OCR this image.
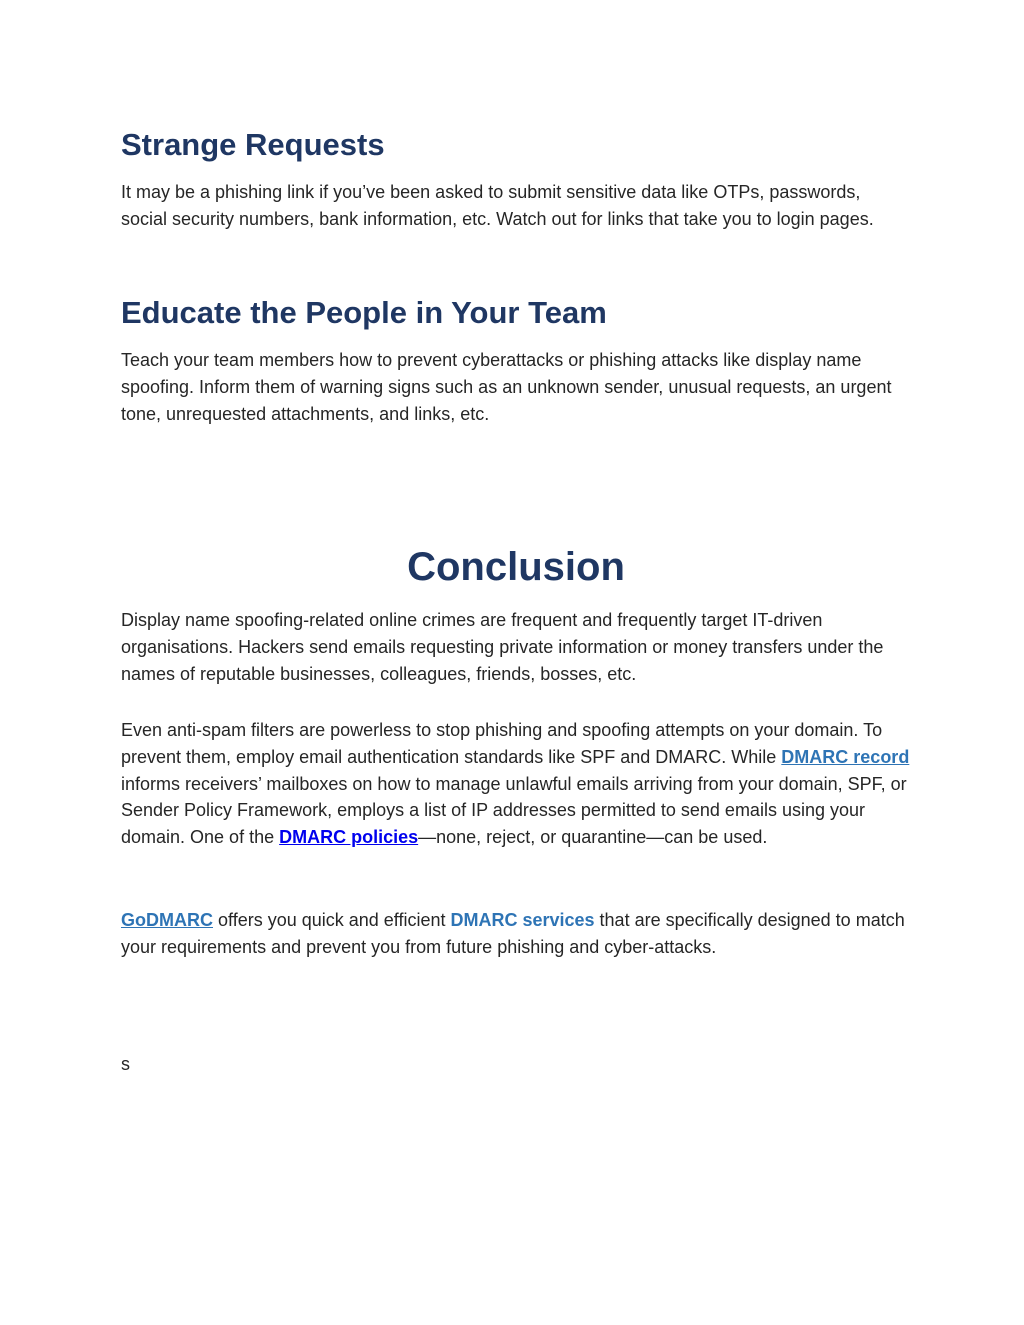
Strange Requests

It may be a phishing link if you’ve been asked to submit sensitive data like OTPs, passwords, social security numbers, bank information, etc. Watch out for links that take you to login pages.

Educate the People in Your Team

Teach your team members how to prevent cyberattacks or phishing attacks like display name spoofing. Inform them of warning signs such as an unknown sender, unusual requests, an urgent tone, unrequested attachments, and links, etc.

Conclusion

Display name spoofing-related online crimes are frequent and frequently target IT-driven organisations. Hackers send emails requesting private information or money transfers under the names of reputable businesses, colleagues, friends, bosses, etc.

Even anti-spam filters are powerless to stop phishing and spoofing attempts on your domain. To prevent them, employ email authentication standards like SPF and DMARC. While DMARC record informs receivers’ mailboxes on how to manage unlawful emails arriving from your domain, SPF, or Sender Policy Framework, employs a list of IP addresses permitted to send emails using your domain. One of the DMARC policies—none, reject, or quarantine—can be used.

GoDMARC offers you quick and efficient DMARC services that are specifically designed to match your requirements and prevent you from future phishing and cyber-attacks.

s
